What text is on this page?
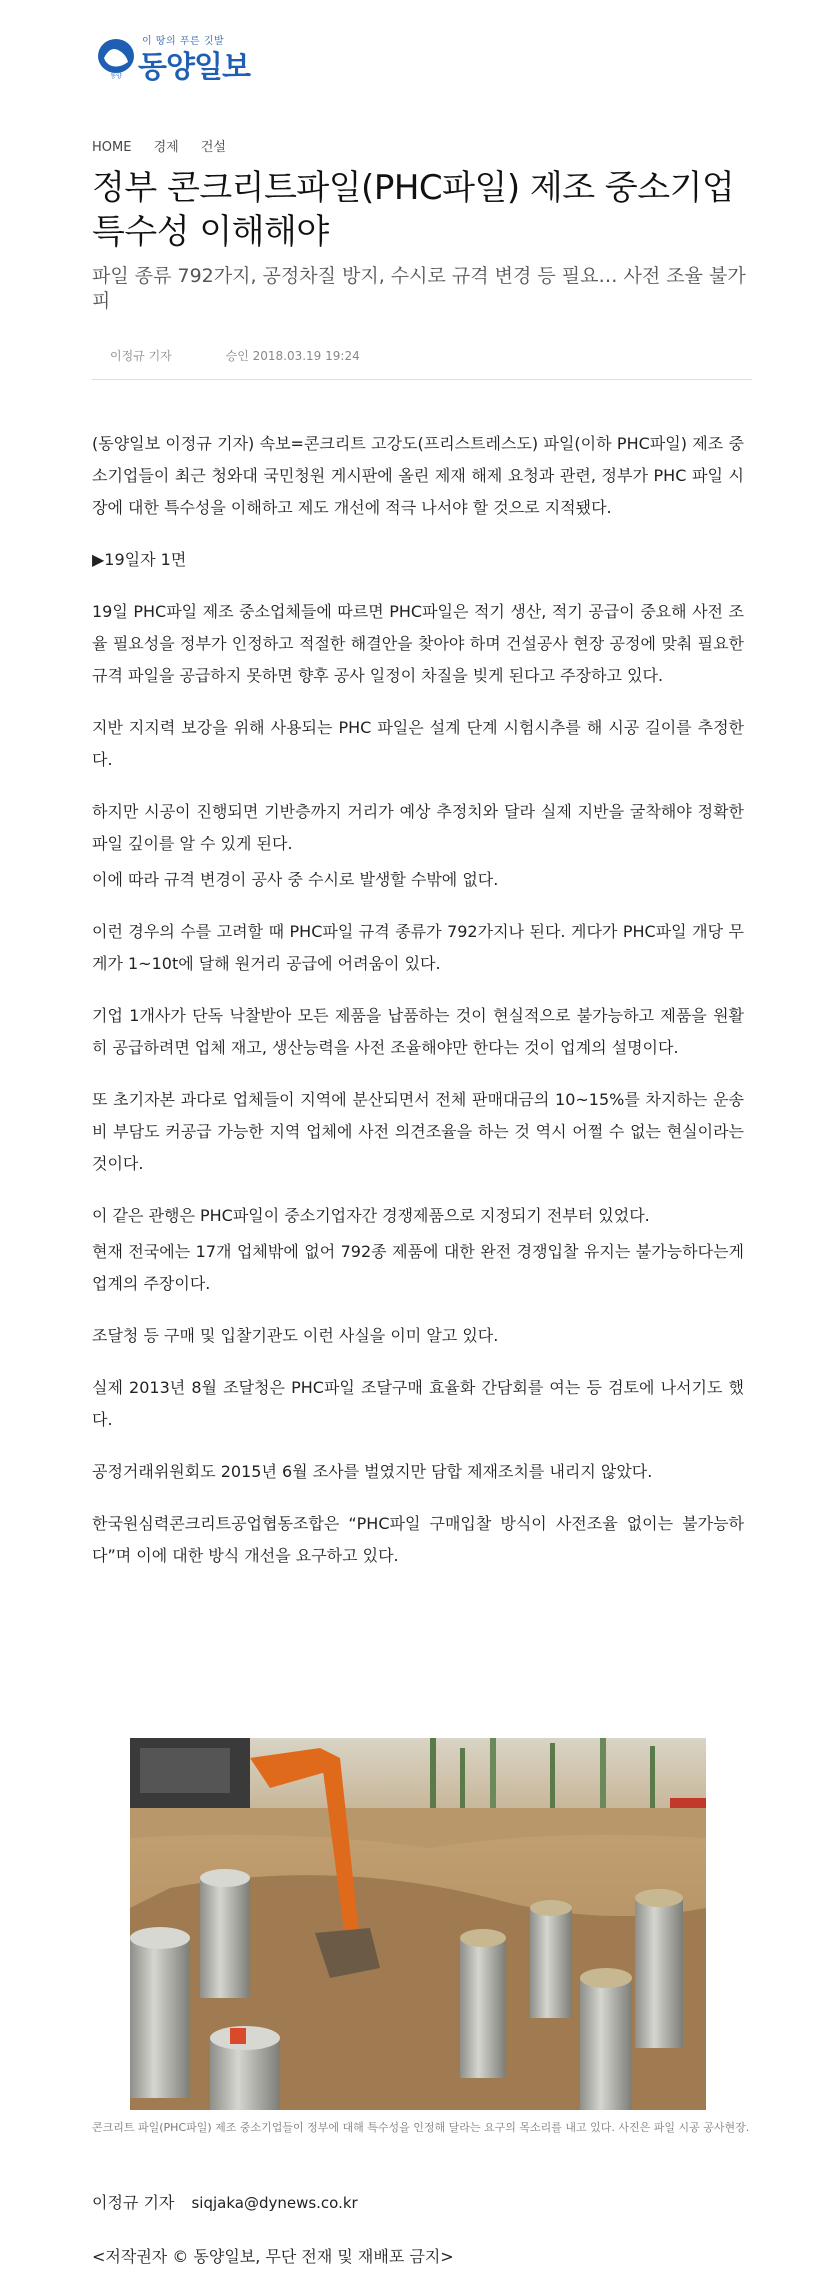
동양
이 땅의 푸른 깃발
동양일보
HOME 경제 건설
정부 콘크리트파일(PHC파일) 제조 중소기업 특수성 이해해야

파일 종류 792가지, 공정차질 방지, 수시로 규격 변경 등 필요… 사전 조율 불가피

이정규 기자	승인 2018.03.19 19:24

(동양일보 이정규 기자) 속보=콘크리트 고강도(프리스트레스도) 파일(이하 PHC파일) 제조 중소기업들이 최근 청와대 국민청원 게시판에 올린 제재 해제 요청과 관련, 정부가 PHC 파일 시장에 대한 특수성을 이해하고 제도 개선에 적극 나서야 할 것으로 지적됐다.

▶19일자 1면

19일 PHC파일 제조 중소업체들에 따르면 PHC파일은 적기 생산, 적기 공급이 중요해 사전 조율 필요성을 정부가 인정하고 적절한 해결안을 찾아야 하며 건설공사 현장 공정에 맞춰 필요한 규격 파일을 공급하지 못하면 향후 공사 일정이 차질을 빚게 된다고 주장하고 있다.

지반 지지력 보강을 위해 사용되는 PHC 파일은 설계 단계 시험시추를 해 시공 길이를 추정한다.

하지만 시공이 진행되면 기반층까지 거리가 예상 추정치와 달라 실제 지반을 굴착해야 정확한 파일 깊이를 알 수 있게 된다.

이에 따라 규격 변경이 공사 중 수시로 발생할 수밖에 없다.

이런 경우의 수를 고려할 때 PHC파일 규격 종류가 792가지나 된다. 게다가 PHC파일 개당 무게가 1~10t에 달해 원거리 공급에 어려움이 있다.

기업 1개사가 단독 낙찰받아 모든 제품을 납품하는 것이 현실적으로 불가능하고 제품을 원활히 공급하려면 업체 재고, 생산능력을 사전 조율해야만 한다는 것이 업계의 설명이다.

또 초기자본 과다로 업체들이 지역에 분산되면서 전체 판매대금의 10~15%를 차지하는 운송비 부담도 커공급 가능한 지역 업체에 사전 의견조율을 하는 것 역시 어쩔 수 없는 현실이라는 것이다.

이 같은 관행은 PHC파일이 중소기업자간 경쟁제품으로 지정되기 전부터 있었다.

현재 전국에는 17개 업체밖에 없어 792종 제품에 대한 완전 경쟁입찰 유지는 불가능하다는게 업계의 주장이다.

조달청 등 구매 및 입찰기관도 이런 사실을 이미 알고 있다.

실제 2013년 8월 조달청은 PHC파일 조달구매 효율화 간담회를 여는 등 검토에 나서기도 했다.

공정거래위원회도 2015년 6월 조사를 벌였지만 담합 제재조치를 내리지 않았다.

한국원심력콘크리트공업협동조합은 “PHC파일 구매입찰 방식이 사전조율 없이는 불가능하다”며 이에 대한 방식 개선을 요구하고 있다.

콘크리트 파일(PHC파일) 제조 중소기업들이 정부에 대해 특수성을 인정해 달라는 요구의 목소리를 내고 있다. 사진은 파일 시공 공사현장.
이정규 기자 siqjaka@dynews.co.kr
<저작권자 © 동양일보, 무단 전재 및 재배포 금지>
